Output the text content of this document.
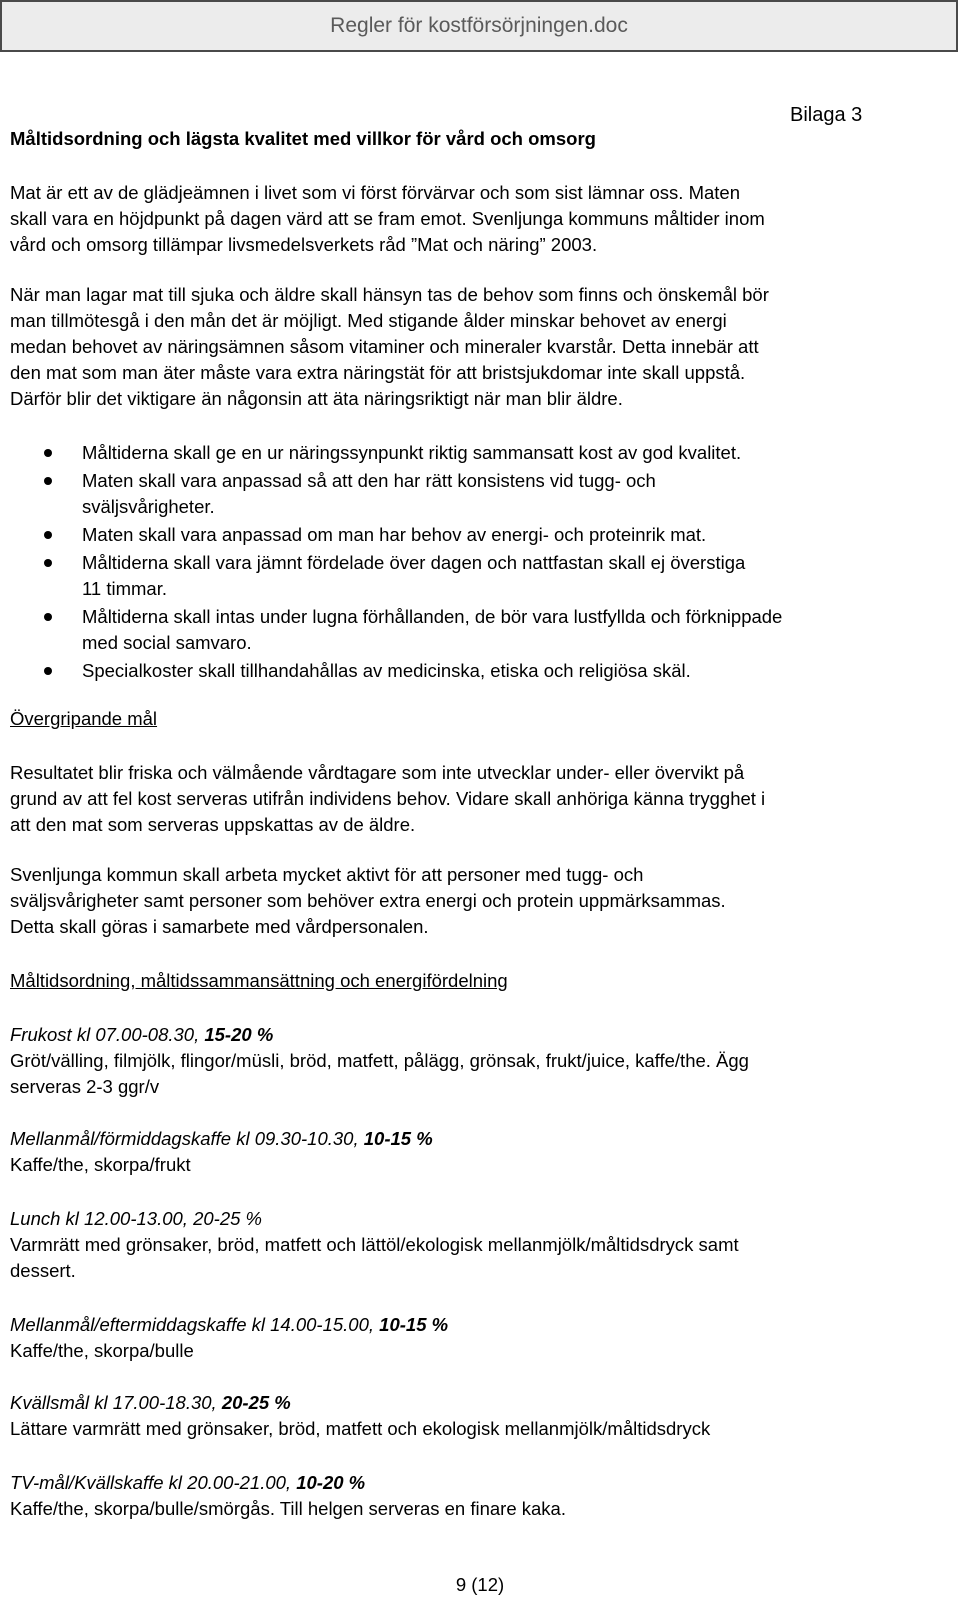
Regler för kostförsörjningen.doc

Bilaga 3

Måltidsordning och lägsta kvalitet med villkor för vård och omsorg

Mat är ett av de glädjeämnen i livet som vi först förvärvar och som sist lämnar oss. Maten

skall vara en höjdpunkt på dagen värd att se fram emot. Svenljunga kommuns måltider inom

vård och omsorg tillämpar livsmedelsverkets råd ”Mat och näring” 2003.

När man lagar mat till sjuka och äldre skall hänsyn tas de behov som finns och önskemål bör

man tillmötesgå i den mån det är möjligt. Med stigande ålder minskar behovet av energi

medan behovet av näringsämnen såsom vitaminer och mineraler kvarstår. Detta innebär att

den mat som man äter måste vara extra näringstät för att bristsjukdomar inte skall uppstå.

Därför blir det viktigare än någonsin att äta näringsriktigt när man blir äldre.

Måltiderna skall ge en ur näringssynpunkt riktig sammansatt kost av god kvalitet.
Maten skall vara anpassad så att den har rätt konsistens vid tugg- och
sväljsvårigheter.
Maten skall vara anpassad om man har behov av energi- och proteinrik mat.
Måltiderna skall vara jämnt fördelade över dagen och nattfastan skall ej överstiga
11 timmar.
Måltiderna skall intas under lugna förhållanden, de bör vara lustfyllda och förknippade
med social samvaro.
Specialkoster skall tillhandahållas av medicinska, etiska och religiösa skäl.

Övergripande mål

Resultatet blir friska och välmående vårdtagare som inte utvecklar under- eller övervikt på

grund av att fel kost serveras utifrån individens behov. Vidare skall anhöriga känna trygghet i

att den mat som serveras uppskattas av de äldre.

Svenljunga kommun skall arbeta mycket aktivt för att personer med tugg- och

sväljsvårigheter samt personer som behöver extra energi och protein uppmärksammas.

Detta skall göras i samarbete med vårdpersonalen.

Måltidsordning, måltidssammansättning och energifördelning

Frukost kl 07.00-08.30, 15-20 %

Gröt/välling, filmjölk, flingor/müsli, bröd, matfett, pålägg, grönsak, frukt/juice, kaffe/the. Ägg

serveras 2-3 ggr/v

Mellanmål/förmiddagskaffe kl 09.30-10.30, 10-15 %

Kaffe/the, skorpa/frukt

Lunch kl 12.00-13.00, 20-25 %

Varmrätt med grönsaker, bröd, matfett och lättöl/ekologisk mellanmjölk/måltidsdryck samt

dessert.

Mellanmål/eftermiddagskaffe kl 14.00-15.00, 10-15 %

Kaffe/the, skorpa/bulle

Kvällsmål kl 17.00-18.30, 20-25 %

Lättare varmrätt med grönsaker, bröd, matfett och ekologisk mellanmjölk/måltidsdryck

TV-mål/Kvällskaffe kl 20.00-21.00, 10-20 %

Kaffe/the, skorpa/bulle/smörgås. Till helgen serveras en finare kaka.

9 (12)
